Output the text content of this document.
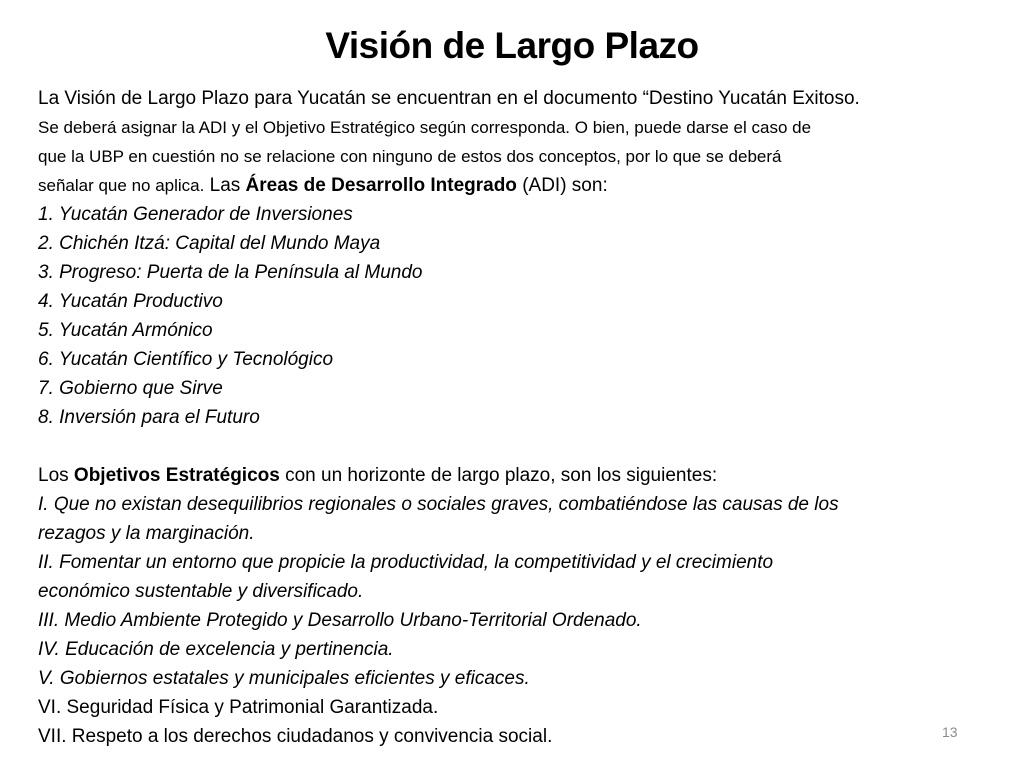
Visión de Largo Plazo
La Visión de Largo Plazo para Yucatán se encuentran en el documento “Destino Yucatán Exitoso.
Se deberá asignar la ADI y el Objetivo Estratégico según corresponda. O bien, puede darse el caso de
que la UBP en cuestión no se relacione con ninguno de estos dos conceptos, por lo que se deberá
señalar que no aplica. Las Áreas de Desarrollo Integrado (ADI) son:
1. Yucatán Generador de Inversiones
2. Chichén Itzá: Capital del Mundo Maya
3. Progreso: Puerta de la Península al Mundo
4. Yucatán Productivo
5. Yucatán Armónico
6. Yucatán Científico y Tecnológico
7. Gobierno que Sirve
8. Inversión para el Futuro
Los Objetivos Estratégicos con un horizonte de largo plazo, son los siguientes:
I. Que no existan desequilibrios regionales o sociales graves, combatiéndose las causas de los
rezagos y la marginación.
II. Fomentar un entorno que propicie la productividad, la competitividad y el crecimiento
económico sustentable y diversificado.
III. Medio Ambiente Protegido y Desarrollo Urbano-Territorial Ordenado.
IV. Educación de excelencia y pertinencia.
V. Gobiernos estatales y municipales eficientes y eficaces.
VI. Seguridad Física y Patrimonial Garantizada.
VII. Respeto a los derechos ciudadanos y convivencia social.	13
